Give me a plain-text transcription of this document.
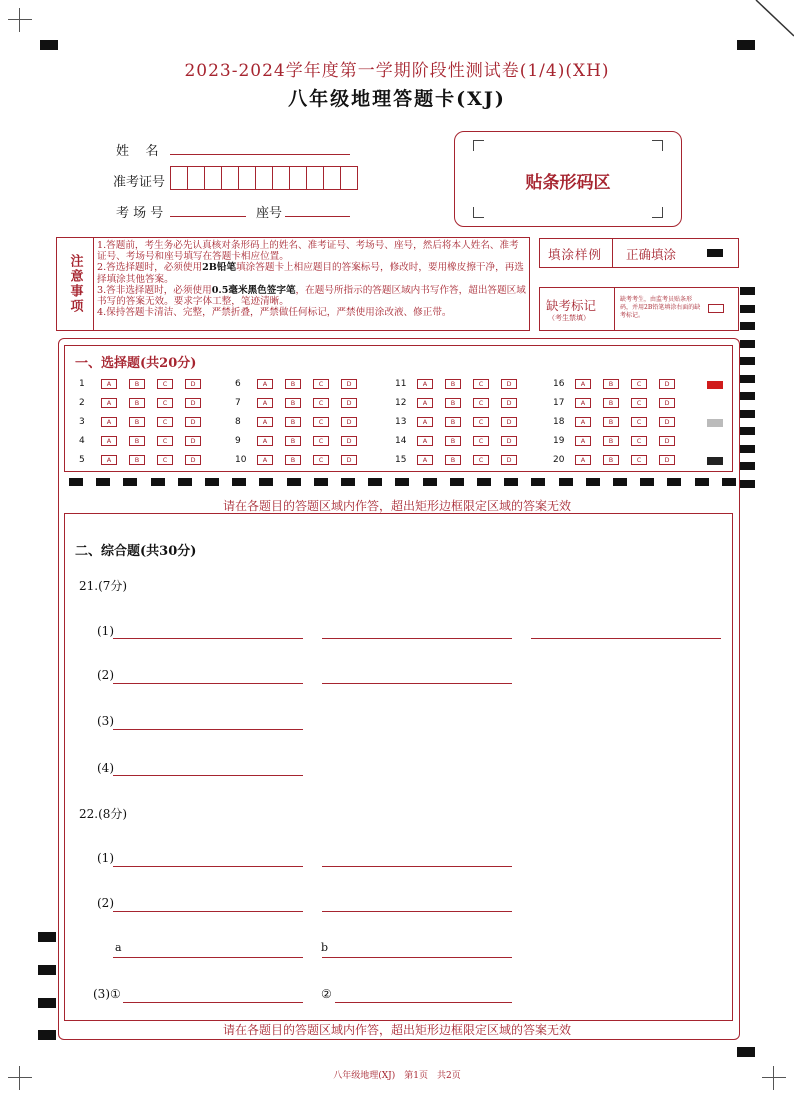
2023-2024学年度第一学期阶段性测试卷(1/4)(XH)
八年级地理答题卡(XJ)
姓    名
准考证号
考 场 号	座号
贴条形码区
注意事项
1.答题前，考生务必先认真核对条形码上的姓名、准考证号、考场号、座号，然后将本人姓名、准考证号、考场号和座号填写在答题卡相应位置。
2.答选择题时，必须使用2B铅笔填涂答题卡上相应题目的答案标号，修改时，要用橡皮擦干净，再选择填涂其他答案。
3.答非选择题时，必须使用0.5毫米黑色签字笔，在题号所指示的答题区域内书写作答，超出答题区域书写的答案无效。要求字体工整，笔迹清晰。
4.保持答题卡清洁、完整，严禁折叠，严禁做任何标记，严禁使用涂改液、修正带。
填涂样例 正确填涂
缺考标记
（考生禁填）
缺考考生，由监考员贴条形码，并用2B铅笔填涂右面的缺考标记。
一、选择题(共20分)
1	A	B	C	D
2	A	B	C	D
3	A	B	C	D
4	A	B	C	D
5	A	B	C	D
6	A	B	C	D
7	A	B	C	D
8	A	B	C	D
9	A	B	C	D
10	A	B	C	D
11	A	B	C	D
12	A	B	C	D
13	A	B	C	D
14	A	B	C	D
15	A	B	C	D
16	A	B	C	D
17	A	B	C	D
18	A	B	C	D
19	A	B	C	D
20	A	B	C	D
请在各题目的答题区域内作答，超出矩形边框限定区域的答案无效
二、综合题(共30分)
21.(7分)
(1)
(2)
(3)
(4)
22.(8分)
(1)
(2)
a	b
(3)①	②
请在各题目的答题区域内作答，超出矩形边框限定区域的答案无效
八年级地理(XJ)　第1页　共2页
